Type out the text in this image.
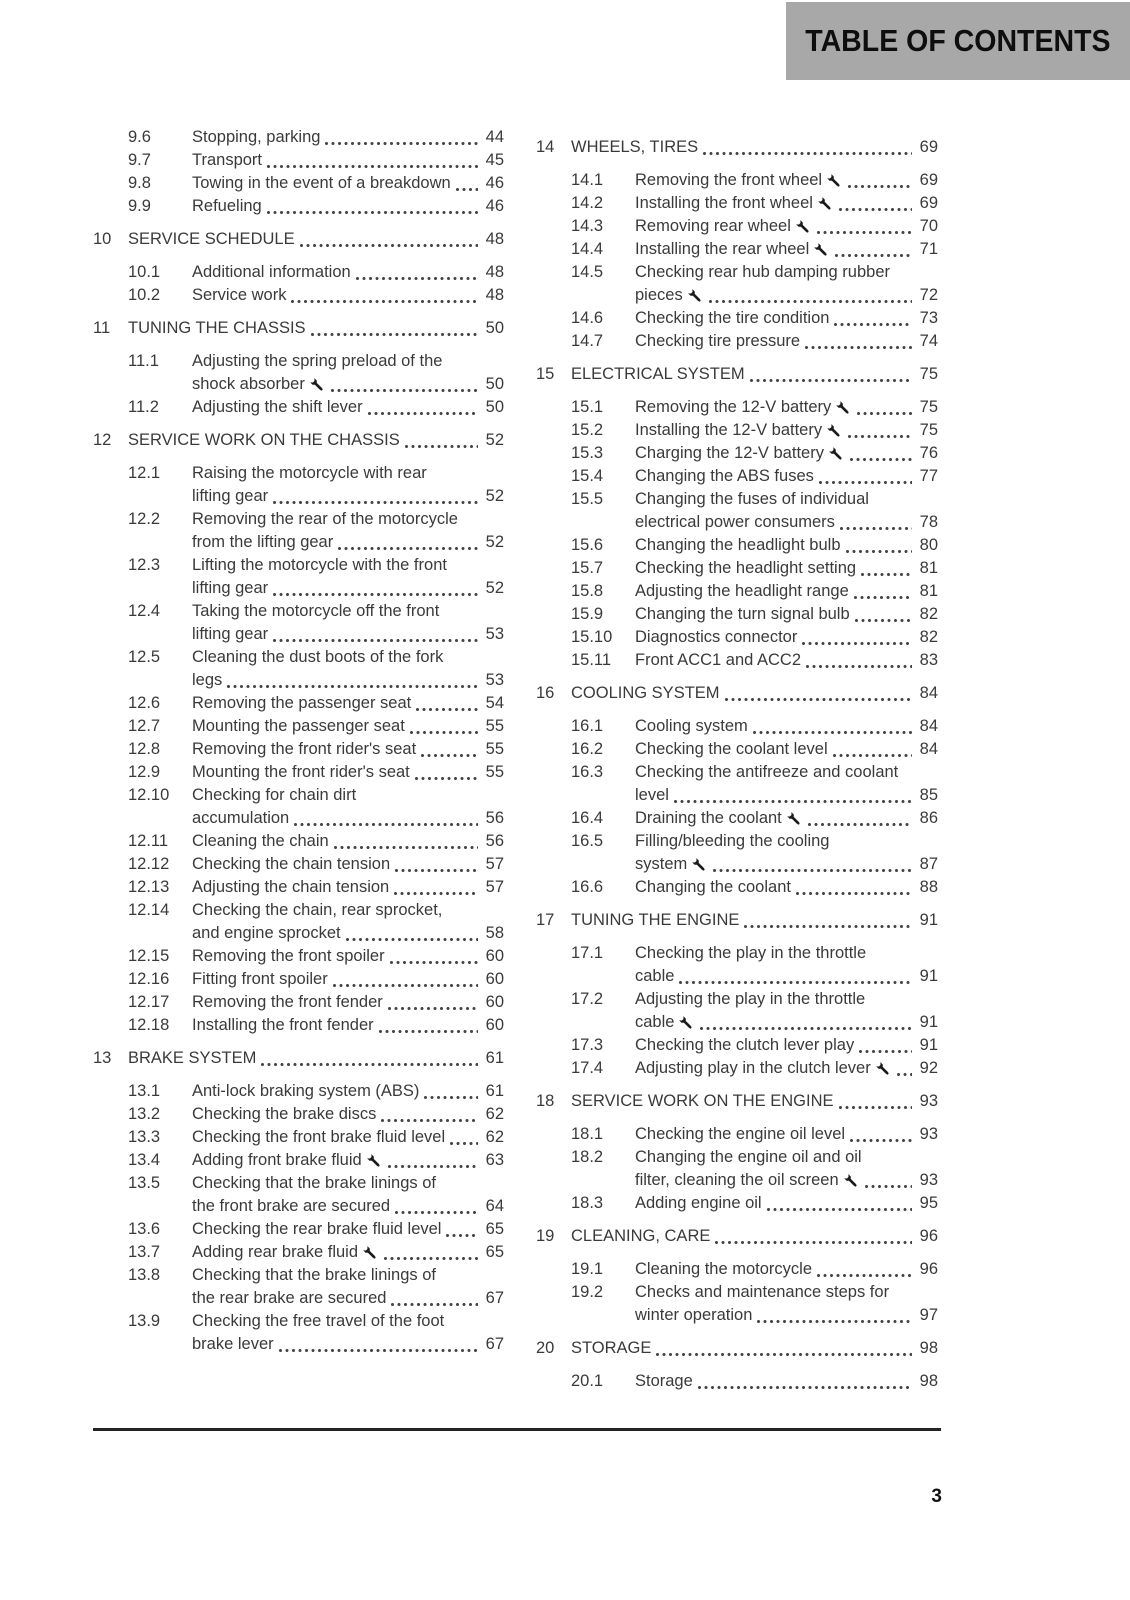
TABLE OF CONTENTS
9.6	Stopping, parking	44
9.7	Transport	45
9.8	Towing in the event of a breakdown 46
9.9	Refueling	46
10	SERVICE SCHEDULE	48
10.1	Additional information	48
10.2	Service work	48
11	TUNING THE CHASSIS	50
11.1	Adjusting the spring preload of the
shock absorber	50
11.2	Adjusting the shift lever	50
12	SERVICE WORK ON THE CHASSIS	52
12.1	Raising the motorcycle with rear
lifting gear	52
12.2	Removing the rear of the motorcycle
from the lifting gear	52
12.3	Lifting the motorcycle with the front
lifting gear	52
12.4	Taking the motorcycle off the front
lifting gear	53
12.5	Cleaning the dust boots of the fork
legs	53
12.6	Removing the passenger seat	54
12.7	Mounting the passenger seat	55
12.8	Removing the front rider's seat	55
12.9	Mounting the front rider's seat	55
12.10	Checking for chain dirt
accumulation	56
12.11	Cleaning the chain	56
12.12	Checking the chain tension	57
12.13	Adjusting the chain tension	57
12.14	Checking the chain, rear sprocket,
and engine sprocket	58
12.15	Removing the front spoiler	60
12.16	Fitting front spoiler	60
12.17	Removing the front fender	60
12.18	Installing the front fender	60
13	BRAKE SYSTEM	61
13.1	Anti-lock braking system (ABS)	61
13.2	Checking the brake discs	62
13.3	Checking the front brake fluid level 62
13.4	Adding front brake fluid	63
13.5	Checking that the brake linings of
the front brake are secured	64
13.6	Checking the rear brake fluid level	65
13.7	Adding rear brake fluid	65
13.8	Checking that the brake linings of
the rear brake are secured	67
13.9	Checking the free travel of the foot
brake lever	67
14	WHEELS, TIRES	69
14.1	Removing the front wheel	69
14.2	Installing the front wheel	69
14.3	Removing rear wheel	70
14.4	Installing the rear wheel	71
14.5	Checking rear hub damping rubber
pieces	72
14.6	Checking the tire condition	73
14.7	Checking tire pressure	74
15	ELECTRICAL SYSTEM	75
15.1	Removing the 12-V battery	75
15.2	Installing the 12-V battery	75
15.3	Charging the 12-V battery	76
15.4	Changing the ABS fuses	77
15.5	Changing the fuses of individual
electrical power consumers	78
15.6	Changing the headlight bulb	80
15.7	Checking the headlight setting	81
15.8	Adjusting the headlight range	81
15.9	Changing the turn signal bulb	82
15.10	Diagnostics connector	82
15.11	Front ACC1 and ACC2	83
16	COOLING SYSTEM	84
16.1	Cooling system	84
16.2	Checking the coolant level	84
16.3	Checking the antifreeze and coolant
level	85
16.4	Draining the coolant	86
16.5	Filling/bleeding the cooling
system	87
16.6	Changing the coolant	88
17	TUNING THE ENGINE	91
17.1	Checking the play in the throttle
cable	91
17.2	Adjusting the play in the throttle
cable	91
17.3	Checking the clutch lever play	91
17.4	Adjusting play in the clutch lever	92
18	SERVICE WORK ON THE ENGINE	93
18.1	Checking the engine oil level	93
18.2	Changing the engine oil and oil
filter, cleaning the oil screen	93
18.3	Adding engine oil	95
19	CLEANING, CARE	96
19.1	Cleaning the motorcycle	96
19.2	Checks and maintenance steps for
winter operation	97
20	STORAGE	98
20.1	Storage	98
3
